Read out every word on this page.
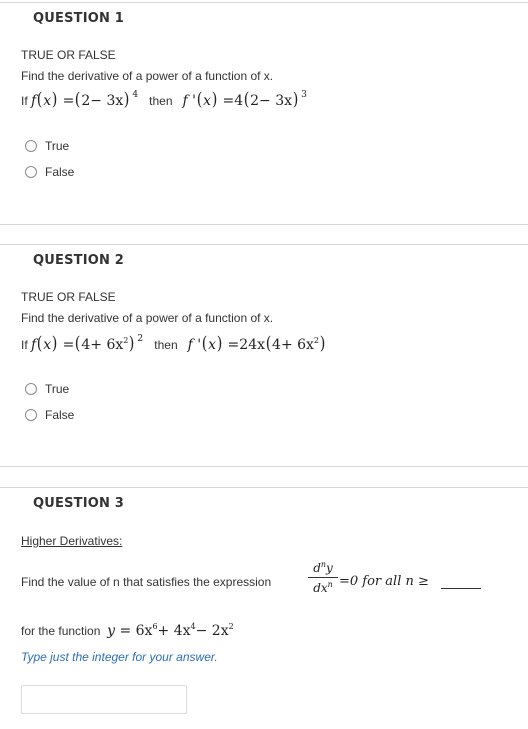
QUESTION 1
TRUE OR FALSE
Find the derivative of a power of a function of x.
If f(x) =(2− 3x) $^4$ then f '(x) =4(2− 3x) $^3$
True
False
QUESTION 2
TRUE OR FALSE
Find the derivative of a power of a function of x.
If $f(x) =(4+ 6x^2)$ $^2$ then f '$(x) =24x(4+ 6x^2)$
True
False
QUESTION 3
Higher Derivatives:
Find the value of n that satisfies the expression
$d^ny$
$dx^n =0$ for all n ≥
for the function $y = 6x^6+ 4x^4- 2x^2$
Type just the integer for your answer.
